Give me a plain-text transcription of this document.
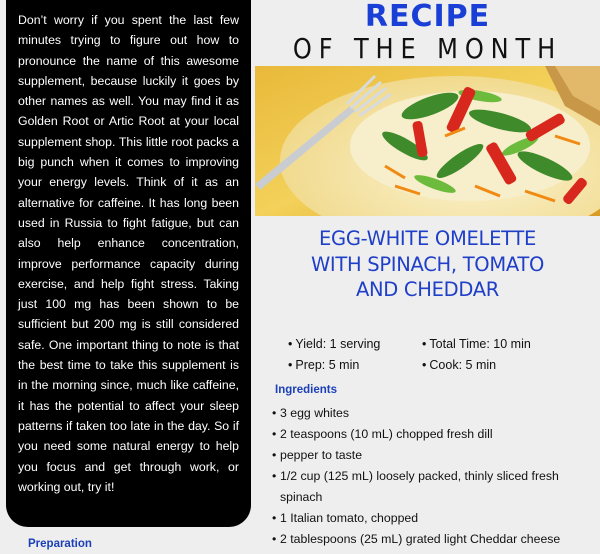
Don’t worry if you spent the last few minutes trying to figure out how to pronounce the name of this awesome supplement, because luckily it goes by other names as well. You may find it as Golden Root or Artic Root at your local supplement shop. This little root packs a big punch when it comes to improving your energy levels. Think of it as an alternative for caffeine. It has long been used in Russia to fight fatigue, but can also help enhance concentration, improve performance capacity during exercise, and help fight stress. Taking just 100 mg has been shown to be sufficient but 200 mg is still considered safe. One important thing to note is that the best time to take this supplement is in the morning since, much like caffeine, it has the potential to affect your sleep patterns if taken too late in the day. So if you need some natural energy to help you focus and get through work, or working out, try it!

Preparation
RECIPE
OF THE MONTH
EGG-WHITE OMELETTE
WITH SPINACH, TOMATO
AND CHEDDAR
• Yield: 1 serving	• Total Time: 10 min
• Prep: 5 min	• Cook: 5 min
Ingredients
• 3 egg whites
• 2 teaspoons (10 mL) chopped fresh dill
• pepper to taste
• 1/2 cup (125 mL) loosely packed, thinly sliced fresh spinach
• 1 Italian tomato, chopped
• 2 tablespoons (25 mL) grated light Cheddar cheese
